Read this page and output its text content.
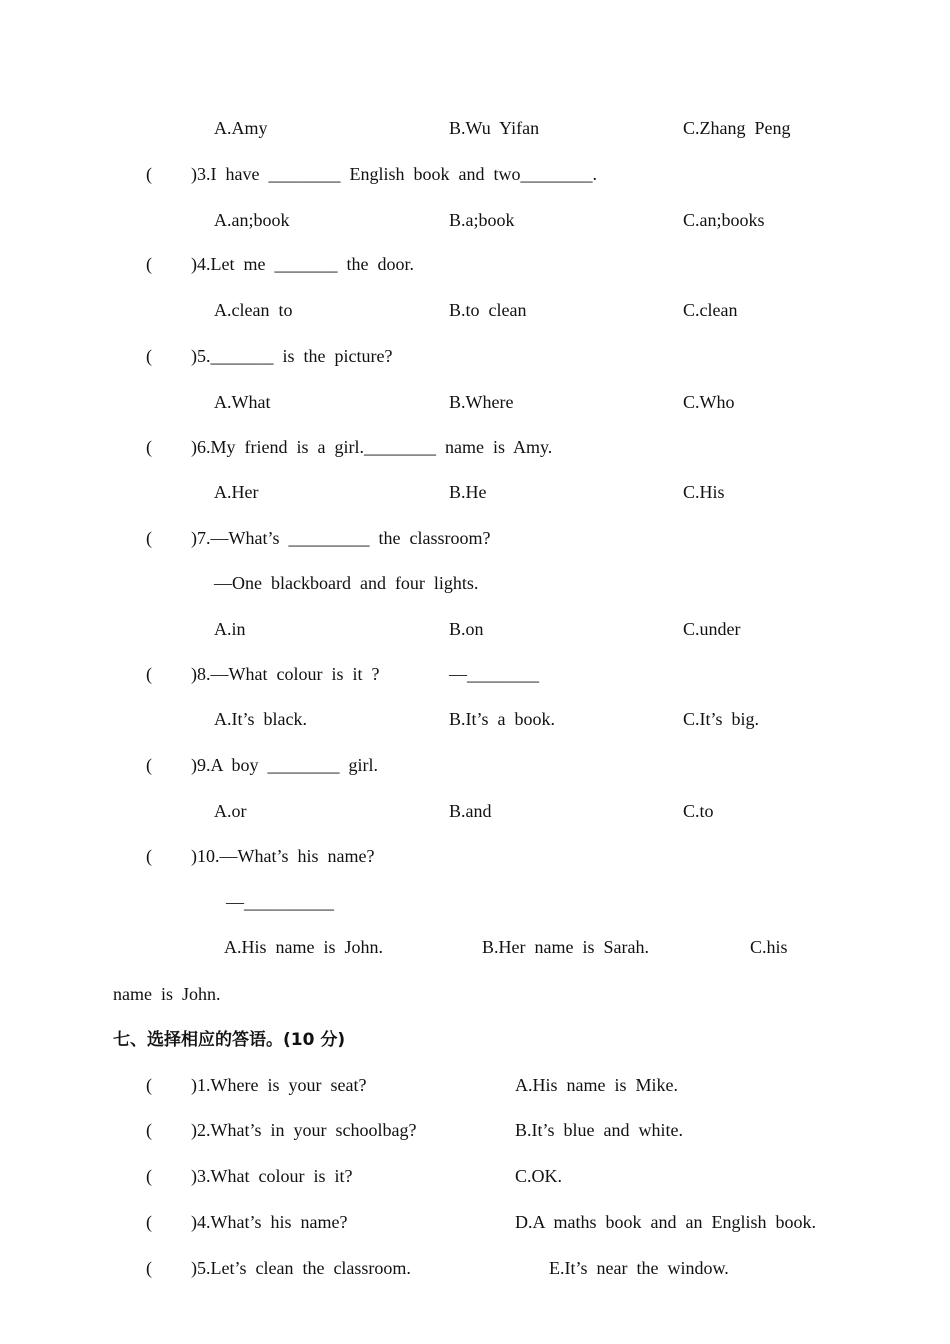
A.Amy	B.Wu  Yifan	C.Zhang  Peng
( )3.I  have  ________  English  book  and  two________.
A.an;book	B.a;book	C.an;books
( )4.Let  me  _______  the  door.
A.clean  to	B.to  clean	C.clean
( )5._______  is  the  picture?
A.What	B.Where	C.Who
( )6.My  friend  is  a  girl.________  name  is  Amy.
A.Her	B.He	C.His
( )7.—What’s  _________  the  classroom?
—One  blackboard  and  four  lights.
A.in	B.on	C.under
( )8.—What  colour  is  it  ?	—________
A.It’s  black.	B.It’s  a  book.	C.It’s  big.
( )9.A  boy  ________  girl.
A.or	B.and	C.to
( )10.—What’s  his  name?
—__________
A.His  name  is  John.	B.Her  name  is  Sarah.	C.his
name  is  John.
七、选择相应的答语。(10 分)
( )1.Where  is  your  seat?	A.His  name  is  Mike.
( )2.What’s  in  your  schoolbag?	B.It’s  blue  and  white.
( )3.What  colour  is  it?	C.OK.
( )4.What’s  his  name?	D.A  maths  book  and  an  English  book.
( )5.Let’s  clean  the  classroom.	E.It’s  near  the  window.
